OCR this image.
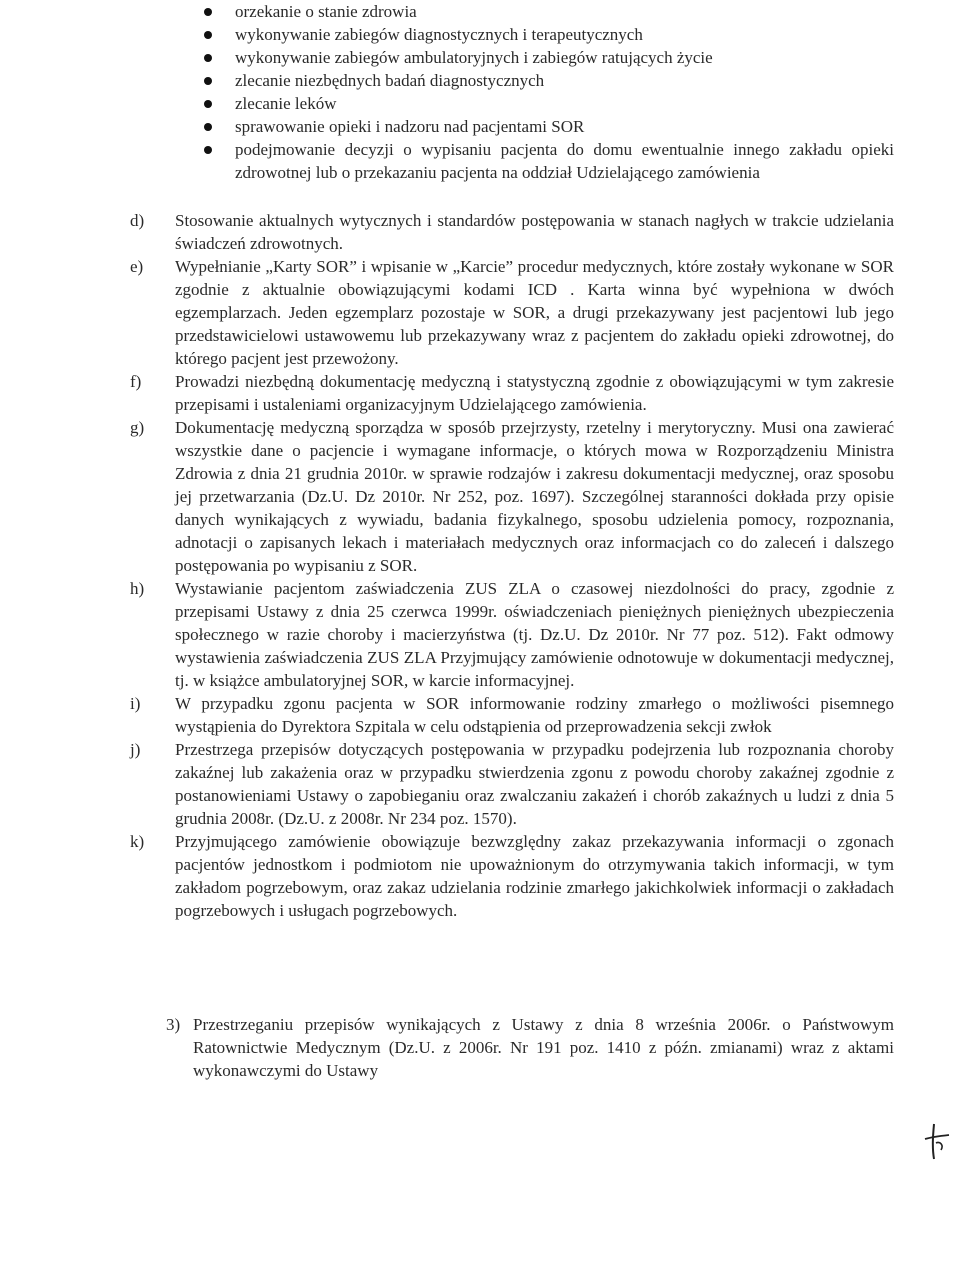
orzekanie o stanie zdrowia
wykonywanie zabiegów diagnostycznych i terapeutycznych
wykonywanie zabiegów ambulatoryjnych i zabiegów ratujących życie
zlecanie niezbędnych badań diagnostycznych
zlecanie leków
sprawowanie opieki i nadzoru nad pacjentami SOR
podejmowanie decyzji o wypisaniu pacjenta do domu ewentualnie innego zakładu opieki zdrowotnej lub o przekazaniu pacjenta na oddział Udzielającego zamówienia
d) Stosowanie aktualnych wytycznych i standardów postępowania w stanach nagłych w trakcie udzielania świadczeń zdrowotnych.
e) Wypełnianie „Karty SOR” i wpisanie w „Karcie” procedur medycznych, które zostały wykonane w SOR zgodnie z aktualnie obowiązującymi kodami ICD . Karta winna być wypełniona w dwóch egzemplarzach. Jeden egzemplarz pozostaje w SOR, a drugi przekazywany jest pacjentowi lub jego przedstawicielowi ustawowemu lub przekazywany wraz z pacjentem do zakładu opieki zdrowotnej, do którego pacjent jest przewożony.
f) Prowadzi niezbędną dokumentację medyczną i statystyczną zgodnie z obowiązującymi w tym zakresie przepisami i ustaleniami organizacyjnym Udzielającego zamówienia.
g) Dokumentację medyczną sporządza w sposób przejrzysty, rzetelny i merytoryczny. Musi ona zawierać wszystkie dane o pacjencie i wymagane informacje, o których mowa w Rozporządzeniu Ministra Zdrowia z dnia 21 grudnia 2010r. w sprawie rodzajów i zakresu dokumentacji medycznej, oraz sposobu jej przetwarzania (Dz.U. Dz 2010r. Nr 252, poz. 1697). Szczególnej staranności dokłada przy opisie danych wynikających z wywiadu, badania fizykalnego, sposobu udzielenia pomocy, rozpoznania, adnotacji o zapisanych lekach i materiałach medycznych oraz informacjach co do zaleceń i dalszego postępowania po wypisaniu z SOR.
h) Wystawianie pacjentom zaświadczenia ZUS ZLA o czasowej niezdolności do pracy, zgodnie z przepisami Ustawy z dnia 25 czerwca 1999r. oświadczeniach pieniężnych pieniężnych ubezpieczenia społecznego w razie choroby i macierzyństwa (tj. Dz.U. Dz 2010r. Nr 77 poz. 512). Fakt odmowy wystawienia zaświadczenia ZUS ZLA Przyjmujący zamówienie odnotowuje w dokumentacji medycznej, tj. w książce ambulatoryjnej SOR, w karcie informacyjnej.
i) W przypadku zgonu pacjenta w SOR informowanie rodziny zmarłego o możliwości pisemnego wystąpienia do Dyrektora Szpitala w celu odstąpienia od przeprowadzenia sekcji zwłok
j) Przestrzega przepisów dotyczących postępowania w przypadku podejrzenia lub rozpoznania choroby zakaźnej lub zakażenia oraz w przypadku stwierdzenia zgonu z powodu choroby zakaźnej zgodnie z postanowieniami Ustawy o zapobieganiu oraz zwalczaniu zakażeń i chorób zakaźnych u ludzi z dnia 5 grudnia 2008r. (Dz.U. z 2008r. Nr 234 poz. 1570).
k) Przyjmującego zamówienie obowiązuje bezwzględny zakaz przekazywania informacji o zgonach pacjentów jednostkom i podmiotom nie upoważnionym do otrzymywania takich informacji, w tym zakładom pogrzebowym, oraz zakaz udzielania rodzinie zmarłego jakichkolwiek informacji o zakładach pogrzebowych i usługach pogrzebowych.
3) Przestrzeganiu przepisów wynikających z Ustawy z dnia 8 września 2006r. o Państwowym Ratownictwie Medycznym (Dz.U. z 2006r. Nr 191 poz. 1410 z późn. zmianami) wraz z aktami wykonawczymi do Ustawy
